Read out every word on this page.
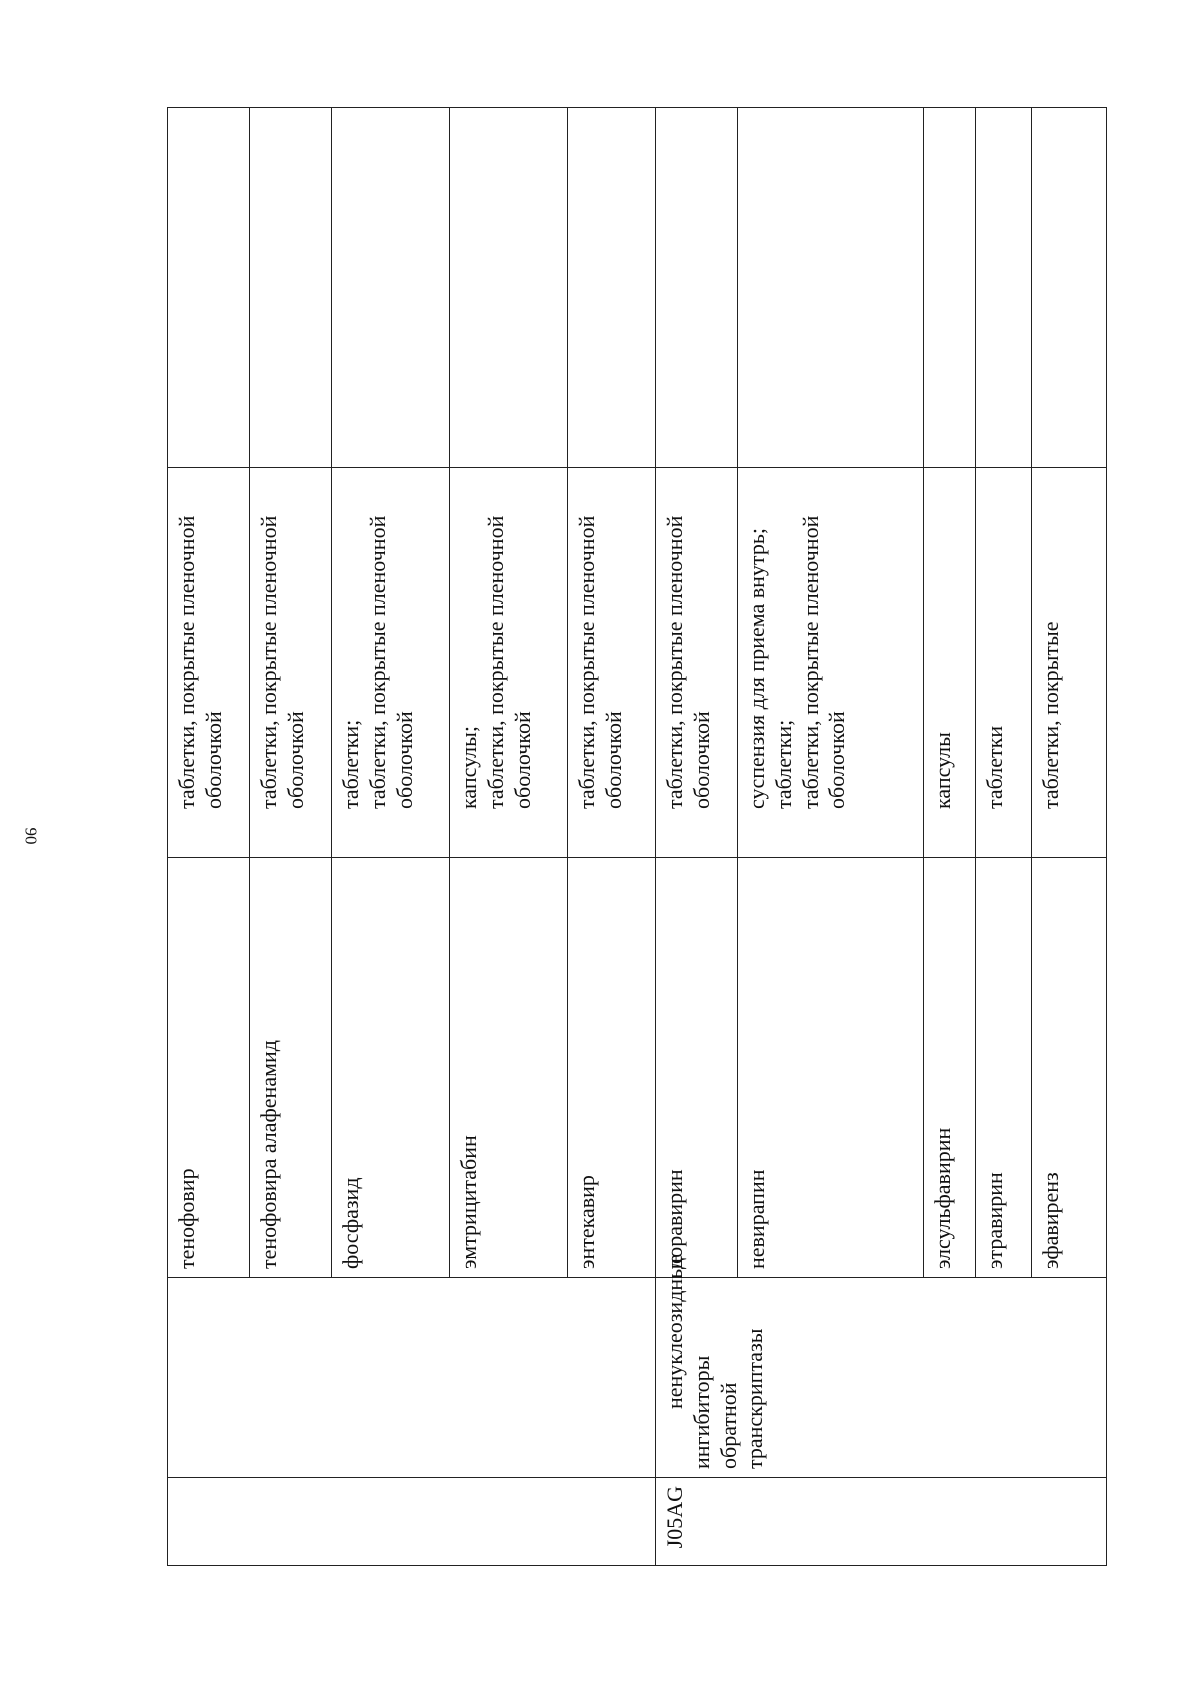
90
		тенофовир	таблетки, покрытые пленочной оболочкой	

		тенофовира алафенамид	таблетки, покрытые пленочной оболочкой	

		фосфазид	таблетки; таблетки, покрытые пленочной оболочкой	

		эмтрицитабин	капсулы; таблетки, покрытые пленочной оболочкой	

		энтекавир	таблетки, покрытые пленочной оболочкой	

J05AG	ненуклеозидные ингибиторы обратной транскриптазы	доравирин	таблетки, покрытые пленочной оболочкой	

		невирапин	суспензия для приема внутрь; таблетки; таблетки, покрытые пленочной оболочкой	

		элсульфавирин	капсулы	

		этравирин	таблетки	

		эфавиренз	таблетки, покрытые	
